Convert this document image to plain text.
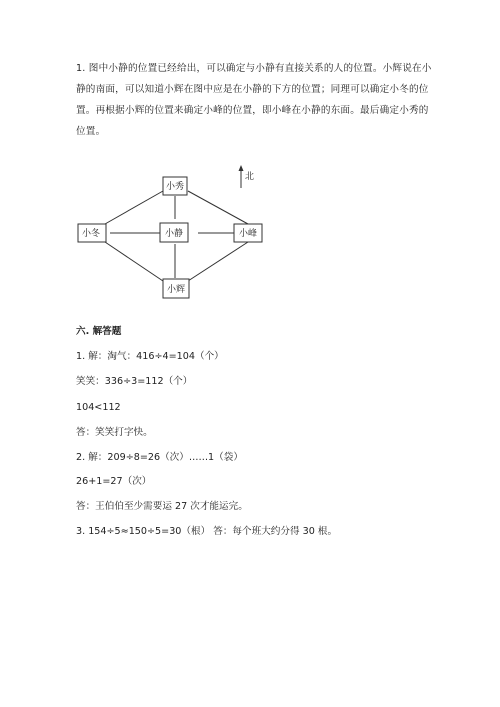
1. 图中小静的位置已经给出，可以确定与小静有直接关系的人的位置。小辉说在小静的南面，可以知道小辉在图中应是在小静的下方的位置；同理可以确定小冬的位置。再根据小辉的位置来确定小峰的位置，即小峰在小静的东面。最后确定小秀的位置。

北
小秀
小冬	小静	小峰
小辉

六. 解答题

1. 解：淘气：416÷4=104（个）

笑笑：336÷3=112（个）

104<112

答：笑笑打字快。

2. 解：209÷8=26（次）……1（袋）

26+1=27（次）

答：王伯伯至少需要运 27 次才能运完。

3. 154÷5≈150÷5=30（根） 答：每个班大约分得 30 根。
